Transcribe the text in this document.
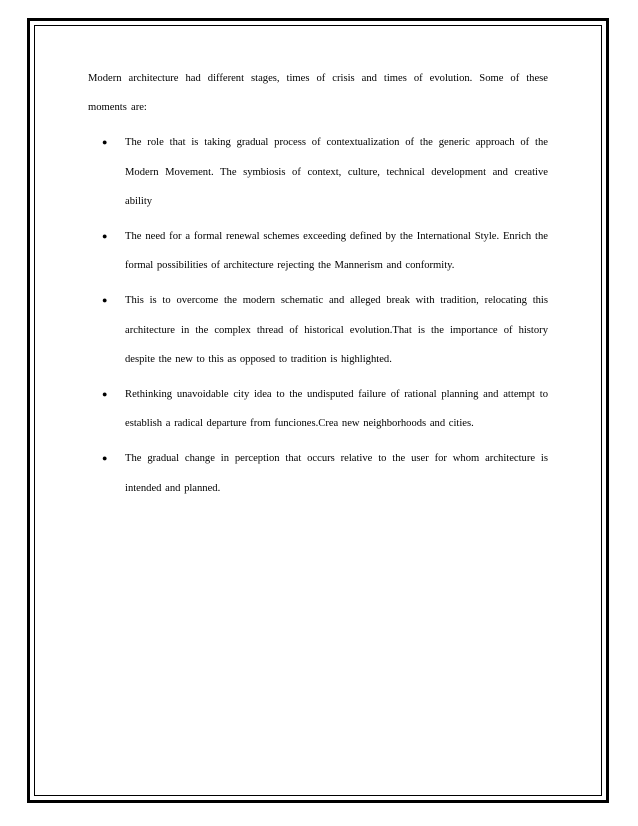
Modern architecture had different stages, times of crisis and times of evolution. Some of these moments are:

● The role that is taking gradual process of contextualization of the generic approach of the Modern Movement. The symbiosis of context, culture, technical development and creative ability
● The need for a formal renewal schemes exceeding defined by the International Style. Enrich the formal possibilities of architecture rejecting the Mannerism and conformity.
● This is to overcome the modern schematic and alleged break with tradition, relocating this architecture in the complex thread of historical evolution.That is the importance of history despite the new to this as opposed to tradition is highlighted.
● Rethinking unavoidable city idea to the undisputed failure of rational planning and attempt to establish a radical departure from funciones.Crea new neighborhoods and cities.
● The gradual change in perception that occurs relative to the user for whom architecture is intended and planned.
